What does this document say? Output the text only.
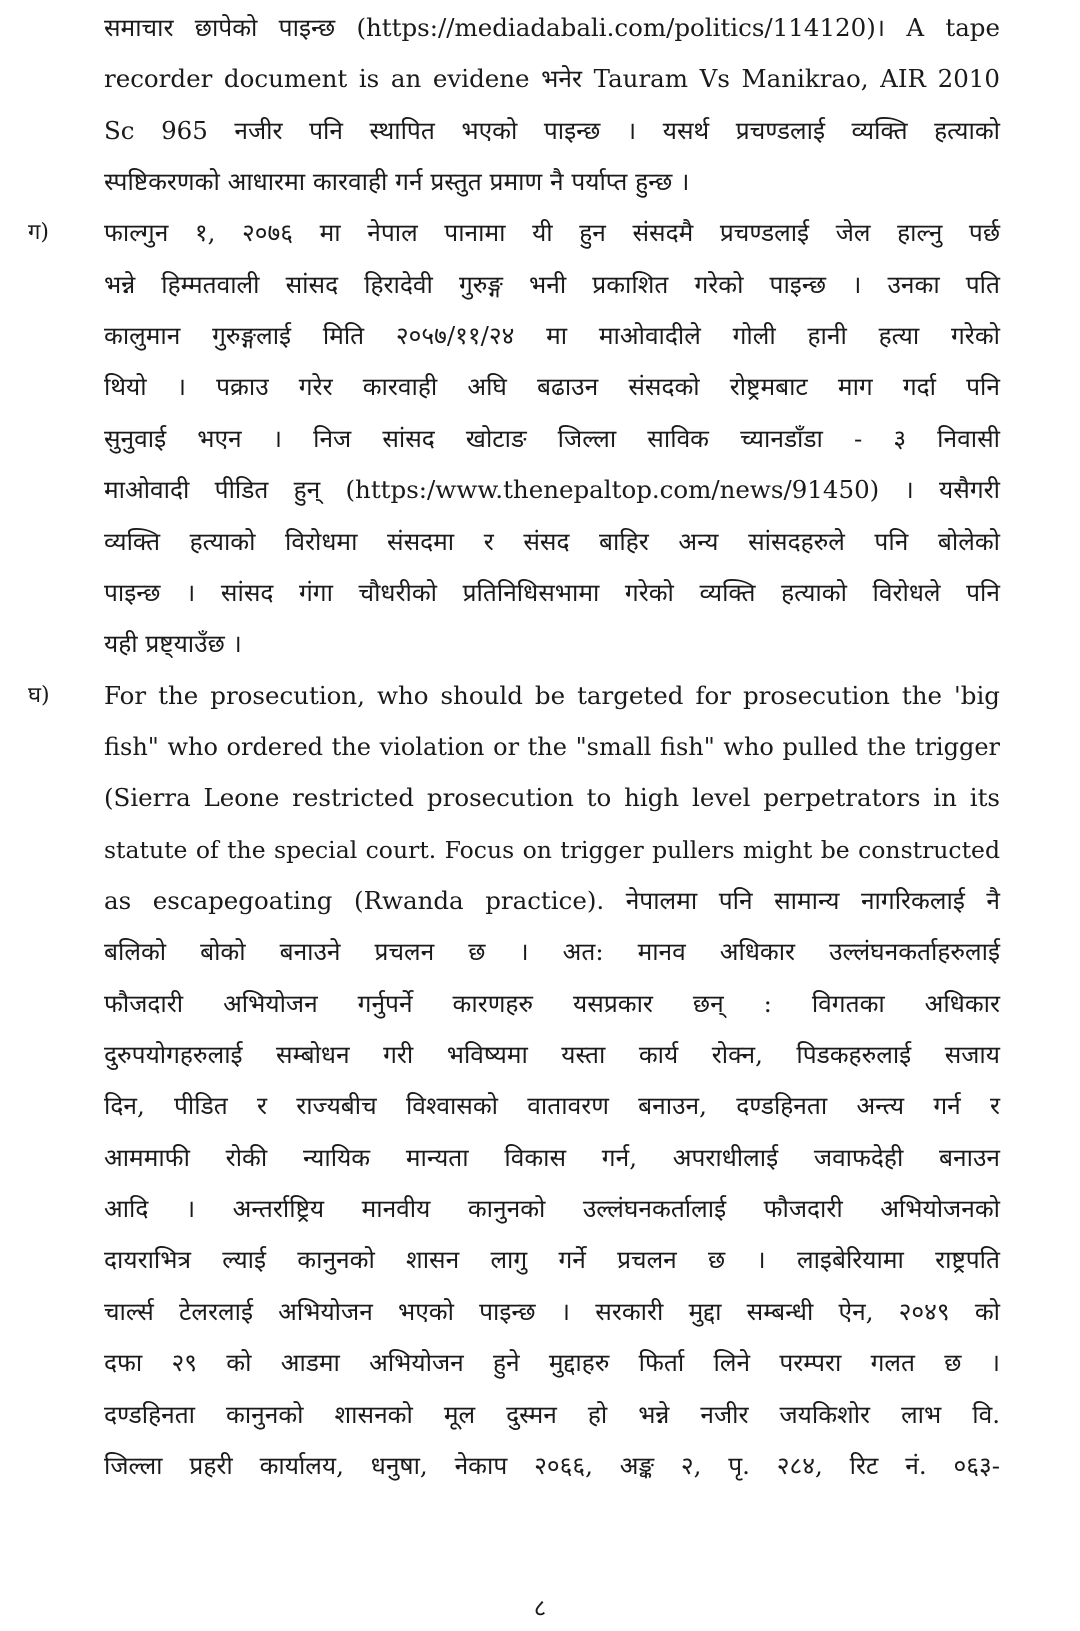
समाचार छापेको पाइन्छ (https://mediadabali.com/politics/114120)। A tape
recorder document is an evidene भनेर Tauram Vs Manikrao, AIR 2010
Sc 965 नजीर पनि स्थापित भएको पाइन्छ । यसर्थ प्रचण्डलाई व्यक्ति हत्याको
स्पष्टिकरणको आधारमा कारवाही गर्न प्रस्तुत प्रमाण नै पर्याप्त हुन्छ ।
ग) फाल्गुन १, २०७६ मा नेपाल पानामा यी हुन संसदमै प्रचण्डलाई जेल हाल्नु पर्छ
भन्ने हिम्मतवाली सांसद हिरादेवी गुरुङ्ग भनी प्रकाशित गरेको पाइन्छ । उनका पति
कालुमान गुरुङ्गलाई मिति २०५७/११/२४ मा माओवादीले गोली हानी हत्या गरेको
थियो । पक्राउ गरेर कारवाही अघि बढाउन संसदको रोष्ट्रमबाट माग गर्दा पनि
सुनुवाई भएन । निज सांसद खोटाङ जिल्ला साविक च्यानडाँडा - ३ निवासी
माओवादी पीडित हुन् (https:/www.thenepaltop.com/news/91450) । यसैगरी
व्यक्ति हत्याको विरोधमा संसदमा र संसद बाहिर अन्य सांसदहरुले पनि बोलेको
पाइन्छ । सांसद गंगा चौधरीको प्रतिनिधिसभामा गरेको व्यक्ति हत्याको विरोधले पनि
यही प्रष्ट्याउँछ ।
घ) For the prosecution, who should be targeted for prosecution the 'big
fish" who ordered the violation or the "small fish" who pulled the trigger
(Sierra Leone restricted prosecution to high level perpetrators in its
statute of the special court. Focus on trigger pullers might be constructed
as escapegoating (Rwanda practice). नेपालमा पनि सामान्य नागरिकलाई नै
बलिको बोको बनाउने प्रचलन छ । अत: मानव अधिकार उल्लंघनकर्ताहरुलाई
फौजदारी अभियोजन गर्नुपर्ने कारणहरु यसप्रकार छन् : विगतका अधिकार
दुरुपयोगहरुलाई सम्बोधन गरी भविष्यमा यस्ता कार्य रोक्न, पिडकहरुलाई सजाय
दिन, पीडित र राज्यबीच विश्वासको वातावरण बनाउन, दण्डहिनता अन्त्य गर्न र
आममाफी रोकी न्यायिक मान्यता विकास गर्न, अपराधीलाई जवाफदेही बनाउन
आदि । अन्तर्राष्ट्रिय मानवीय कानुनको उल्लंघनकर्तालाई फौजदारी अभियोजनको
दायराभित्र ल्याई कानुनको शासन लागु गर्ने प्रचलन छ । लाइबेरियामा राष्ट्रपति
चार्ल्स टेलरलाई अभियोजन भएको पाइन्छ । सरकारी मुद्दा सम्बन्धी ऐन, २०४९ को
दफा २९ को आडमा अभियोजन हुने मुद्दाहरु फिर्ता लिने परम्परा गलत छ ।
दण्डहिनता कानुनको शासनको मूल दुस्मन हो भन्ने नजीर जयकिशोर लाभ वि.
जिल्ला प्रहरी कार्यालय, धनुषा, नेकाप २०६६, अङ्क २, पृ. २८४, रिट नं. ०६३-
८
